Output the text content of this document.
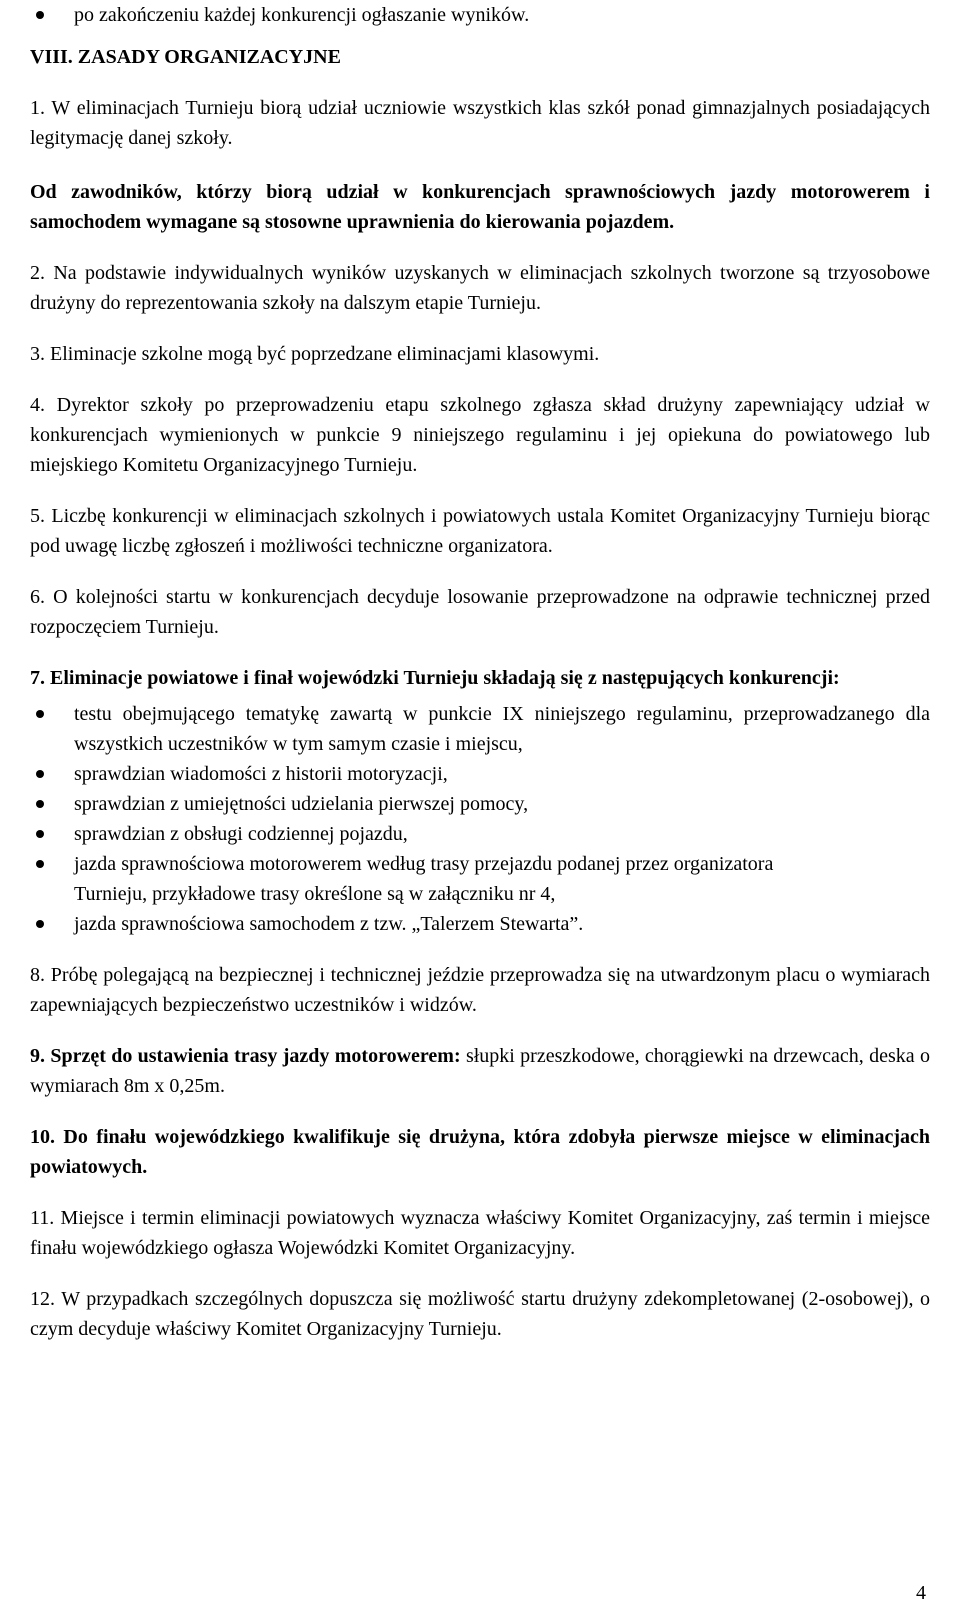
po zakończeniu każdej konkurencji ogłaszanie wyników.
VIII. ZASADY ORGANIZACYJNE
1. W eliminacjach Turnieju biorą udział uczniowie wszystkich klas szkół ponad gimnazjalnych posiadających legitymację danej szkoły.
Od zawodników, którzy biorą udział w konkurencjach sprawnościowych jazdy motorowerem i samochodem wymagane są stosowne uprawnienia do kierowania pojazdem.
2. Na podstawie indywidualnych wyników uzyskanych w eliminacjach szkolnych tworzone są trzyosobowe drużyny do reprezentowania szkoły na dalszym etapie Turnieju.
3. Eliminacje szkolne mogą być poprzedzane eliminacjami klasowymi.
4. Dyrektor szkoły po przeprowadzeniu etapu szkolnego zgłasza skład drużyny zapewniający udział w konkurencjach wymienionych w punkcie 9 niniejszego regulaminu i jej opiekuna do powiatowego lub miejskiego Komitetu Organizacyjnego Turnieju.
5. Liczbę konkurencji w eliminacjach szkolnych i powiatowych ustala Komitet Organizacyjny Turnieju biorąc pod uwagę liczbę zgłoszeń i możliwości techniczne organizatora.
6. O kolejności startu w konkurencjach decyduje losowanie przeprowadzone na odprawie technicznej przed rozpoczęciem Turnieju.
7. Eliminacje powiatowe i finał wojewódzki Turnieju składają się z następujących konkurencji:
testu obejmującego tematykę zawartą w punkcie IX niniejszego regulaminu, przeprowadzanego dla wszystkich uczestników w tym samym czasie i miejscu,
sprawdzian wiadomości z historii motoryzacji,
sprawdzian z umiejętności udzielania pierwszej pomocy,
sprawdzian z obsługi codziennej pojazdu,
jazda sprawnościowa motorowerem według trasy przejazdu podanej przez organizatora Turnieju, przykładowe trasy określone są w załączniku nr 4,
jazda sprawnościowa samochodem z tzw. „Talerzem Stewarta”.
8. Próbę polegającą na bezpiecznej i technicznej jeździe przeprowadza się na utwardzonym placu o wymiarach zapewniających bezpieczeństwo uczestników i widzów.
9. Sprzęt do ustawienia trasy jazdy motorowerem: słupki przeszkodowe, chorągiewki na drzewcach, deska o wymiarach 8m x 0,25m.
10. Do finału wojewódzkiego kwalifikuje się drużyna, która zdobyła pierwsze miejsce w eliminacjach powiatowych.
11. Miejsce i termin eliminacji powiatowych wyznacza właściwy Komitet Organizacyjny, zaś termin i miejsce finału wojewódzkiego ogłasza Wojewódzki Komitet Organizacyjny.
12. W przypadkach szczególnych dopuszcza się możliwość startu drużyny zdekompletowanej (2-osobowej), o czym decyduje właściwy Komitet Organizacyjny Turnieju.
4
